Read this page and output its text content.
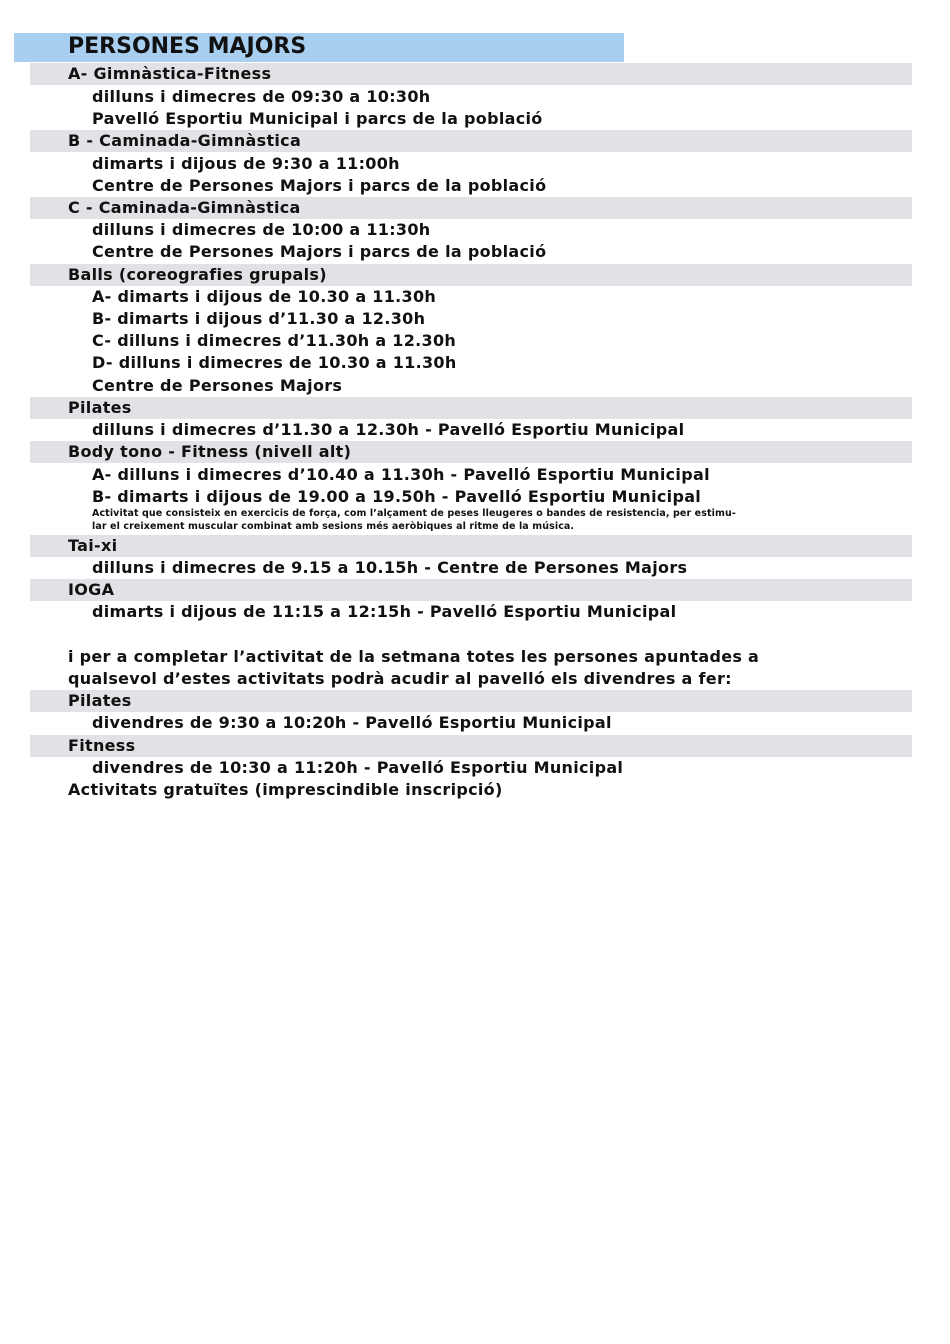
PERSONES MAJORS
A- Gimnàstica-Fitness
dilluns i dimecres de 09:30 a 10:30h
Pavelló Esportiu Municipal i parcs de la població
B - Caminada-Gimnàstica
dimarts i dijous de 9:30 a 11:00h
Centre de Persones Majors i parcs de la població
C - Caminada-Gimnàstica
dilluns i dimecres de 10:00 a 11:30h
Centre de Persones Majors i parcs de la població
Balls (coreografies grupals)
A- dimarts i dijous de 10.30 a 11.30h
B- dimarts i dijous d’11.30 a 12.30h
C- dilluns i dimecres d’11.30h a 12.30h
D- dilluns i dimecres de 10.30 a 11.30h
Centre de Persones Majors
Pilates
dilluns i dimecres d’11.30 a 12.30h - Pavelló Esportiu Municipal
Body tono - Fitness (nivell alt)
A- dilluns i dimecres d’10.40 a 11.30h - Pavelló Esportiu Municipal
B- dimarts i dijous de 19.00 a 19.50h - Pavelló Esportiu Municipal
Activitat que consisteix en exercicis de força, com l’alçament de peses lleugeres o bandes de resistencia, per estimu-
lar el creixement muscular combinat amb sesions més aeròbiques al ritme de la música.
Tai-xi
dilluns i dimecres de 9.15 a 10.15h - Centre de Persones Majors
IOGA
dimarts i dijous de 11:15 a 12:15h - Pavelló Esportiu Municipal
i per a completar l’activitat de la setmana totes les persones apuntades a
qualsevol d’estes activitats podrà acudir al pavelló els divendres a fer:
Pilates
divendres de 9:30 a 10:20h - Pavelló Esportiu Municipal
Fitness
divendres de 10:30 a 11:20h - Pavelló Esportiu Municipal
Activitats gratuïtes (imprescindible inscripció)
